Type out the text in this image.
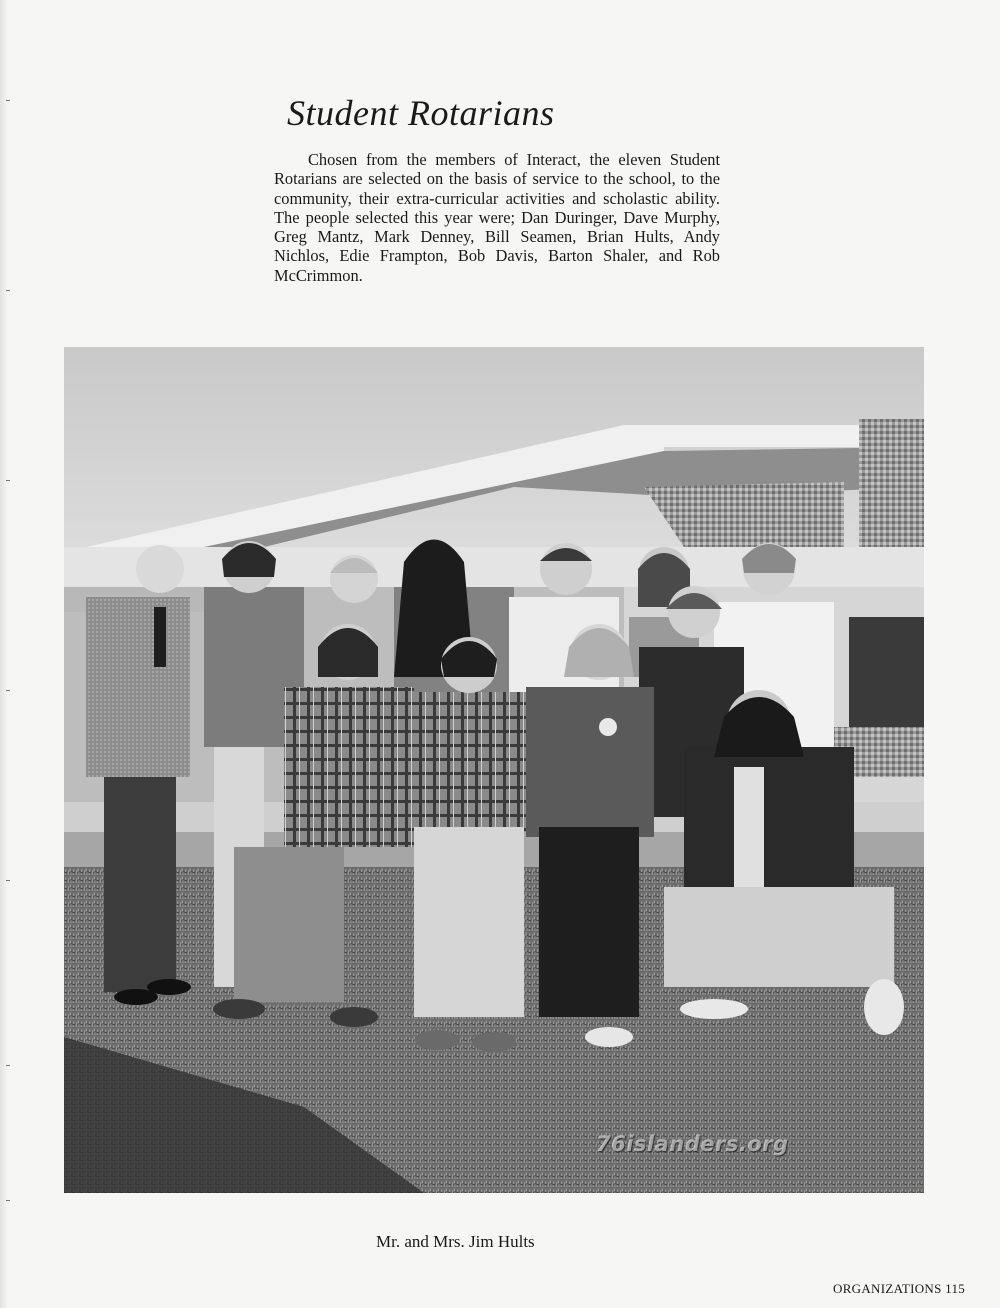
Student Rotarians

Chosen from the members of Interact, the eleven Student Rotarians are selected on the basis of service to the school, to the community, their extra-curricular activities and scholastic ability. The people selected this year were; Dan Duringer, Dave Murphy, Greg Mantz, Mark Denney, Bill Seamen, Brian Hults, Andy Nichlos, Edie Frampton, Bob Davis, Barton Shaler, and Rob McCrimmon.

76islanders.org

Mr. and Mrs. Jim Hults

ORGANIZATIONS 115
